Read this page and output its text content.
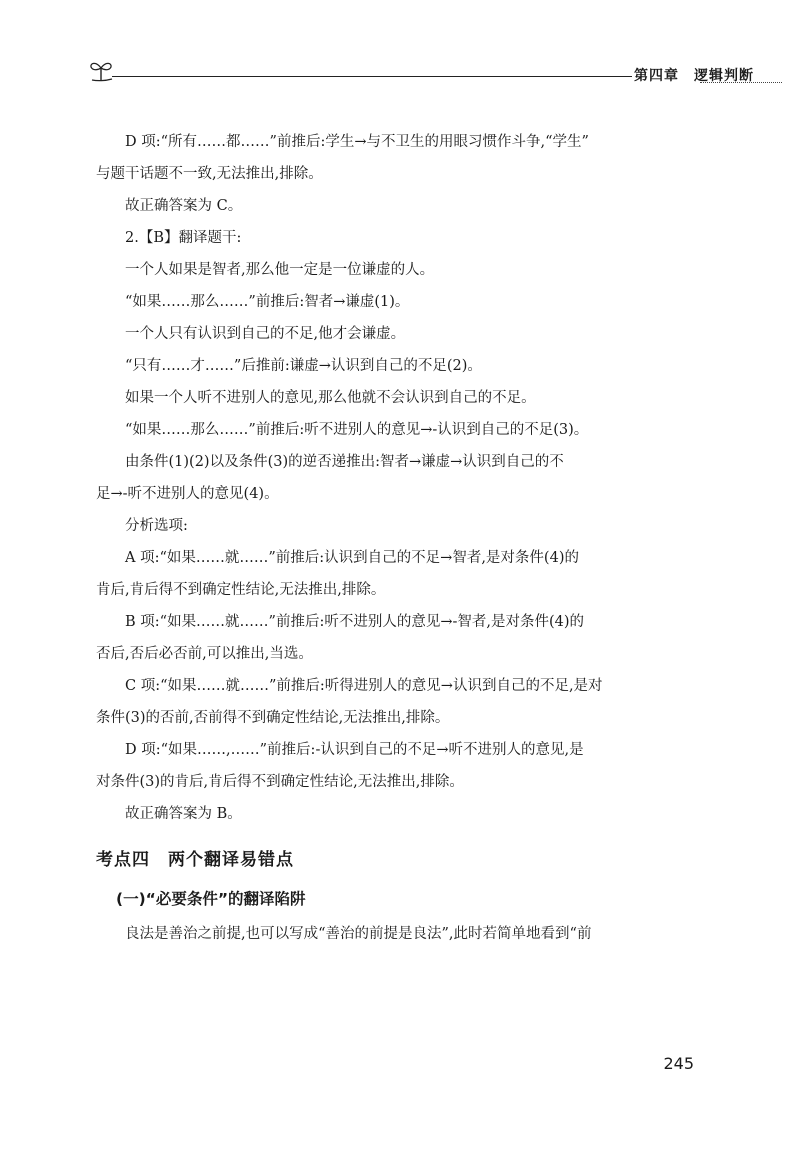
第四章　逻辑判断

D 项:“所有……都……”前推后:学生→与不卫生的用眼习惯作斗争,“学生”

与题干话题不一致,无法推出,排除。

故正确答案为 C。

2.【B】翻译题干:

一个人如果是智者,那么他一定是一位谦虚的人。

“如果……那么……”前推后:智者→谦虚(1)。

一个人只有认识到自己的不足,他才会谦虚。

“只有……才……”后推前:谦虚→认识到自己的不足(2)。

如果一个人听不进别人的意见,那么他就不会认识到自己的不足。

“如果……那么……”前推后:听不进别人的意见→-认识到自己的不足(3)。

由条件(1)(2)以及条件(3)的逆否递推出:智者→谦虚→认识到自己的不

足→-听不进别人的意见(4)。

分析选项:

A 项:“如果……就……”前推后:认识到自己的不足→智者,是对条件(4)的

肯后,肯后得不到确定性结论,无法推出,排除。

B 项:“如果……就……”前推后:听不进别人的意见→-智者,是对条件(4)的

否后,否后必否前,可以推出,当选。

C 项:“如果……就……”前推后:听得进别人的意见→认识到自己的不足,是对

条件(3)的否前,否前得不到确定性结论,无法推出,排除。

D 项:“如果……,……”前推后:-认识到自己的不足→听不进别人的意见,是

对条件(3)的肯后,肯后得不到确定性结论,无法推出,排除。

故正确答案为 B。

考点四　两个翻译易错点
(一)“必要条件”的翻译陷阱

良法是善治之前提,也可以写成“善治的前提是良法”,此时若简单地看到“前

245
